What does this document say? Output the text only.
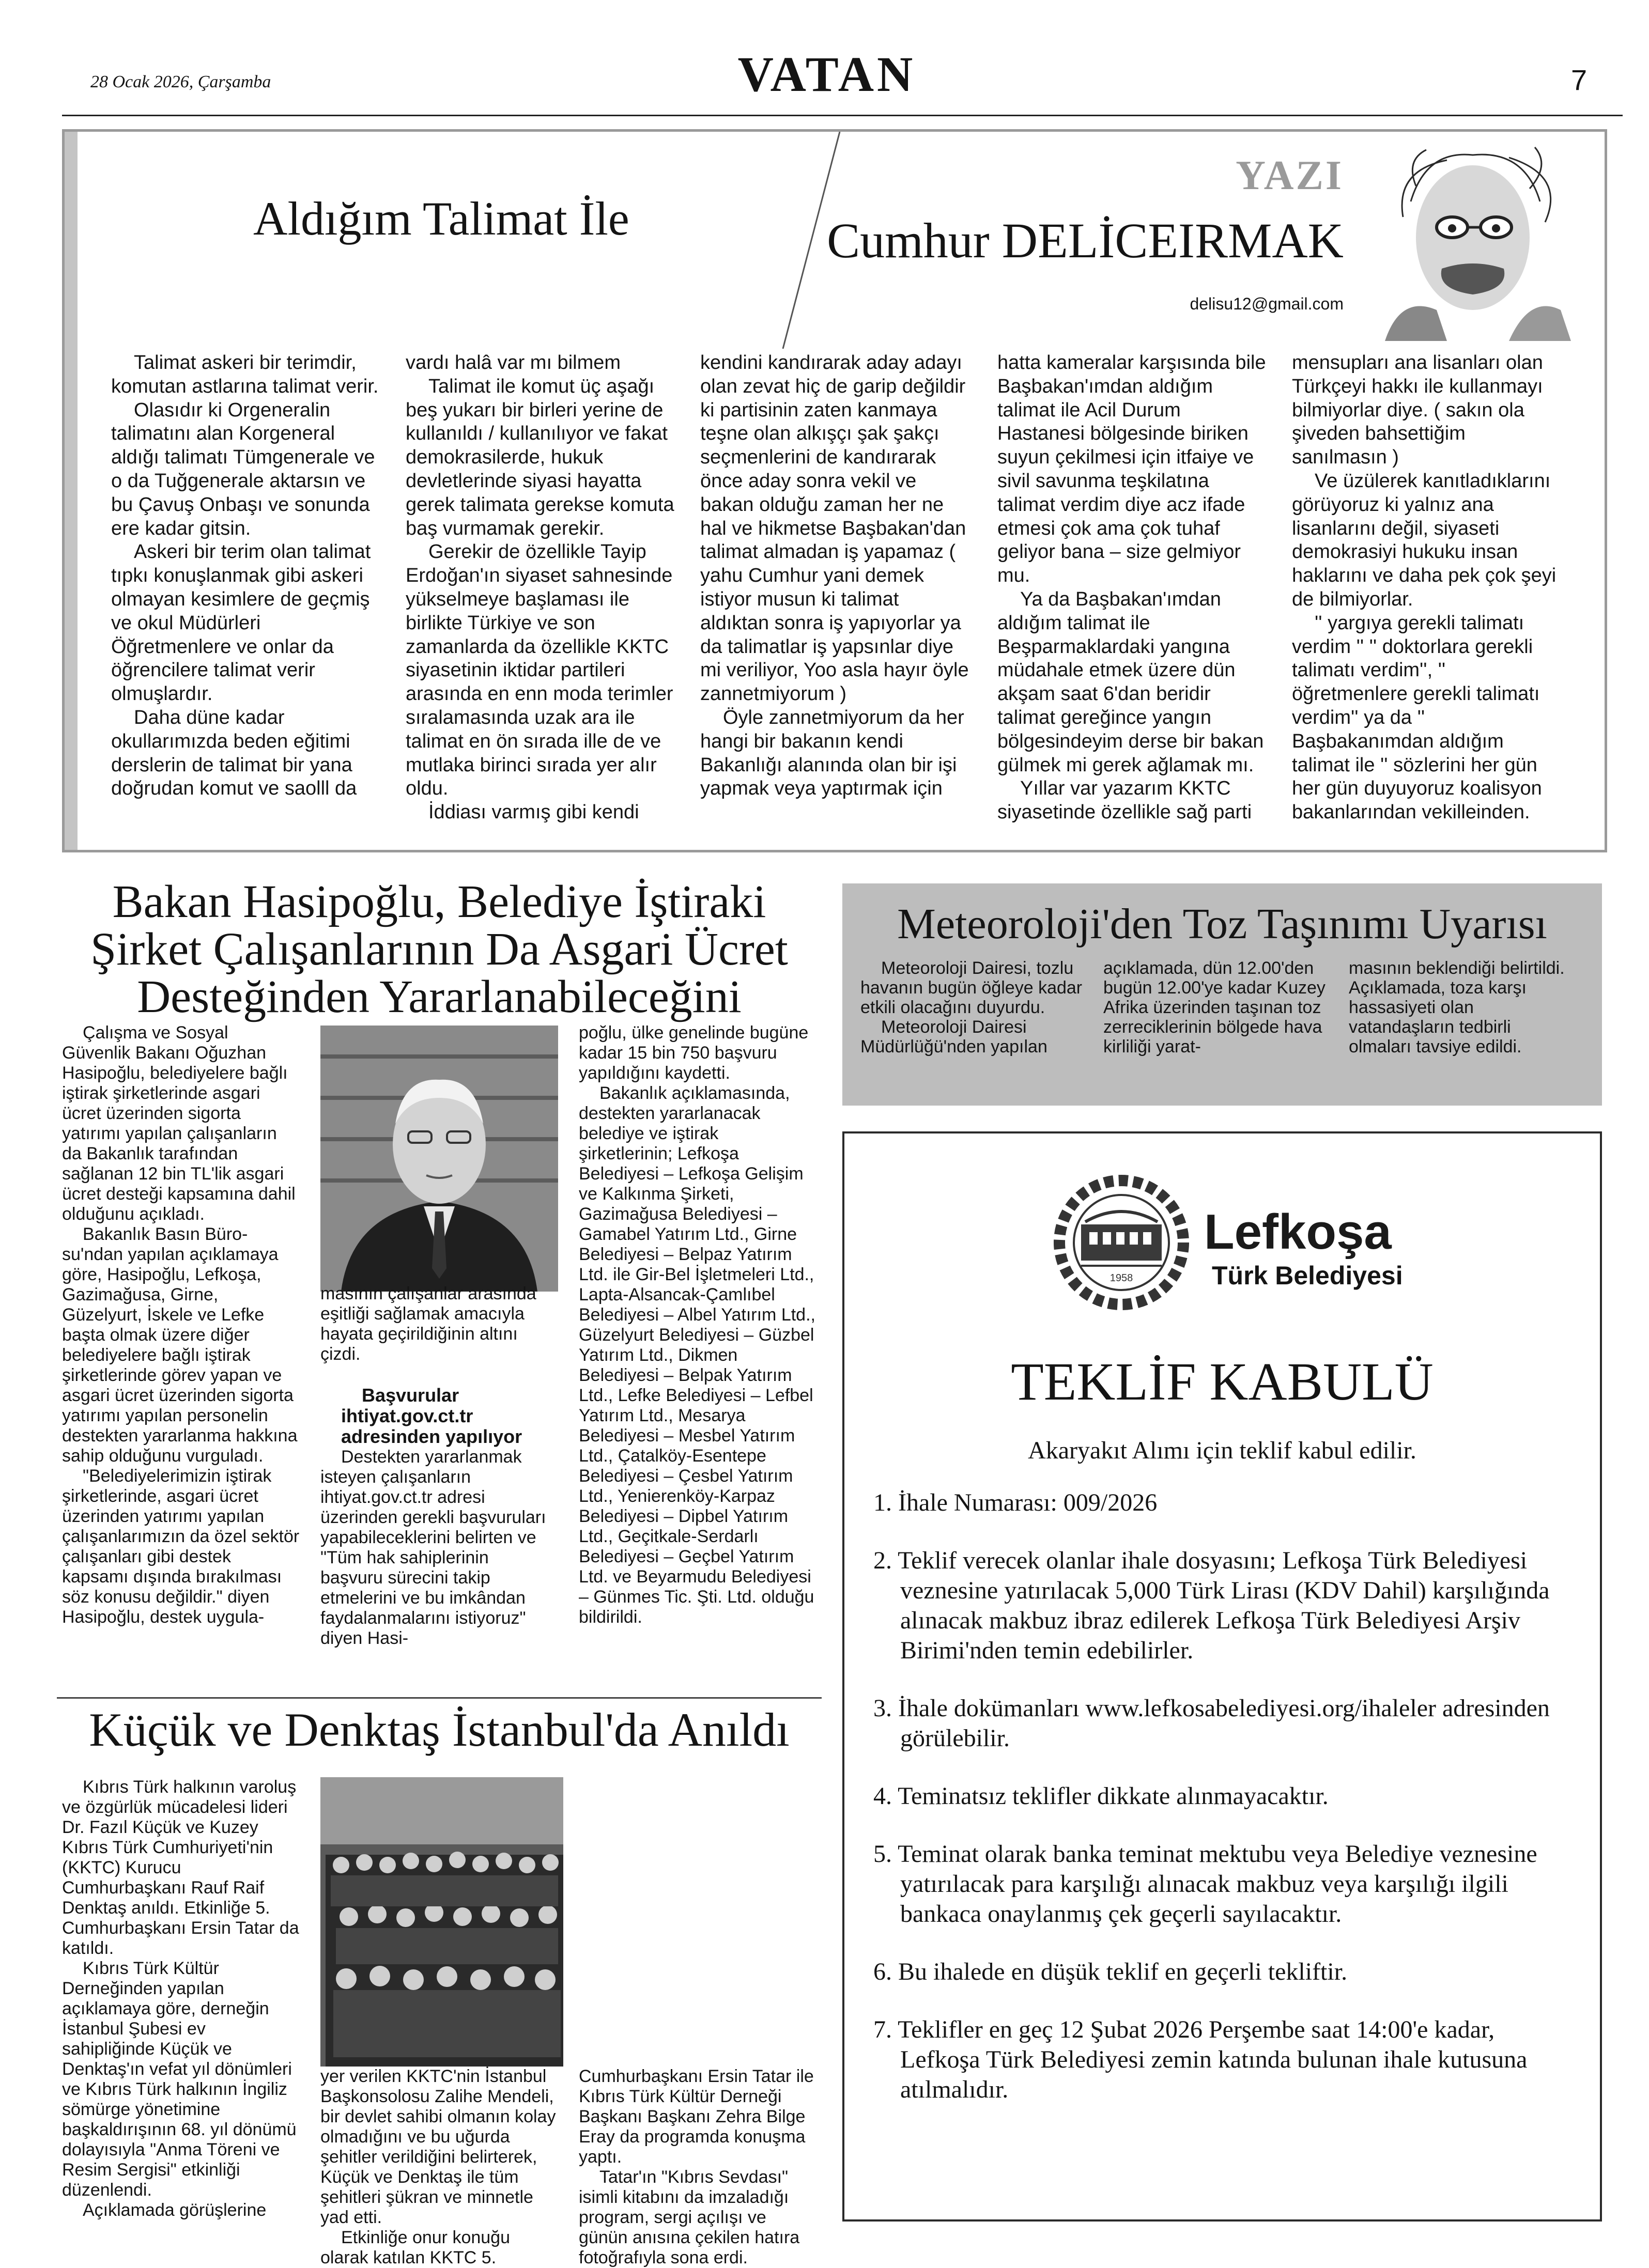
28 Ocak 2026, Çarşamba	VATAN	7
Aldığım Talimat İle
YAZI
Cumhur DELİCEIRMAK
delisu12@gmail.com

Talimat askeri bir terimdir, komutan astlarına talimat verir.

Olasıdır ki Orgeneralin talimatını alan Korgeneral aldığı talimatı Tümgenerale ve o da Tuğgenerale aktarsın ve bu Çavuş Onbaşı ve sonunda ere kadar gitsin.

Askeri bir terim olan talimat tıpkı konuşlanmak gibi askeri olmayan kesimlere de geçmiş ve okul Müdürleri Öğretmenlere ve onlar da öğrencilere talimat verir olmuşlardır.

Daha düne kadar okullarımızda beden eğitimi derslerin de talimat bir yana doğrudan komut ve saolll da

vardı halâ var mı bilmem

Talimat ile komut üç aşağı beş yukarı bir birleri yerine de kullanıldı / kullanılıyor ve fakat demokrasilerde, hukuk devletlerinde siyasi hayatta gerek talimata gerekse komuta baş vurmamak gerekir.

Gerekir de özellikle Tayip Erdoğan'ın siyaset sahnesinde yükselmeye başlaması ile birlikte Türkiye ve son zamanlarda da özellikle KKTC siyasetinin iktidar partileri arasında en enn moda terimler sıralamasında uzak ara ile talimat en ön sırada ille de ve mutlaka birinci sırada yer alır oldu.

İddiası varmış gibi kendi

kendini kandırarak aday adayı olan zevat hiç de garip değildir ki partisinin zaten kanmaya teşne olan alkışçı şak şakçı seçmenlerini de kandırarak önce aday sonra vekil ve bakan olduğu zaman her ne hal ve hikmetse Başbakan'dan talimat almadan iş yapamaz ( yahu Cumhur yani demek istiyor musun ki talimat aldıktan sonra iş yapıyorlar ya da talimatlar iş yapsınlar diye mi veriliyor, Yoo asla hayır öyle zannetmiyorum )

Öyle zannetmiyorum da her hangi bir bakanın kendi Bakanlığı alanında olan bir işi yapmak veya yaptırmak için

hatta kameralar karşısında bile Başbakan'ımdan aldığım talimat ile Acil Durum Hastanesi bölgesinde biriken suyun çekilmesi için itfaiye ve sivil savunma teşkilatına talimat verdim diye acz ifade etmesi çok ama çok tuhaf geliyor bana – size gelmiyor mu.

Ya da Başbakan'ımdan aldığım talimat ile Beşparmaklardaki yangına müdahale etmek üzere dün akşam saat 6'dan beridir talimat gereğince yangın bölgesindeyim derse bir bakan gülmek mi gerek ağlamak mı.

Yıllar var yazarım KKTC siyasetinde özellikle sağ parti

mensupları ana lisanları olan Türkçeyi hakkı ile kullanmayı bilmiyorlar diye. ( sakın ola şiveden bahsettiğim sanılmasın )

Ve üzülerek kanıtladıklarını görüyoruz ki yalnız ana lisanlarını değil, siyaseti demokrasiyi hukuku insan haklarını ve daha pek çok şeyi de bilmiyorlar.

'' yargıya gerekli talimatı verdim '' '' doktorlara gerekli talimatı verdim'', '' öğretmenlere gerekli talimatı verdim'' ya da '' Başbakanımdan aldığım talimat ile '' sözlerini her gün her gün duyuyoruz koalisyon bakanlarından vekilleinden.

Bakan Hasipoğlu, Belediye İştiraki Şirket Çalışanlarının Da Asgari Ücret Desteğinden Yararlanabileceğini

Çalışma ve Sosyal Güvenlik Bakanı Oğuzhan Hasipoğlu, belediyelere bağlı iştirak şirketlerinde asgari ücret üzerinden sigorta yatırımı yapılan çalışanların da Bakanlık tarafından sağlanan 12 bin TL'lik asgari ücret desteği kapsamına dahil olduğunu açıkladı.

Bakanlık Basın Büro-su'ndan yapılan açıklamaya göre, Hasipoğlu, Lefkoşa, Gazimağusa, Girne, Güzelyurt, İskele ve Lefke başta olmak üzere diğer belediyelere bağlı iştirak şirketlerinde görev yapan ve asgari ücret üzerinden sigorta yatırımı yapılan personelin destekten yararlanma hakkına sahip olduğunu vurguladı.

"Belediyelerimizin iştirak şirketlerinde, asgari ücret üzerinden yatırımı yapılan çalışanlarımızın da özel sektör çalışanları gibi destek kapsamı dışında bırakılması söz konusu değildir." diyen Hasipoğlu, destek uygula-

masının çalışanlar arasında eşitliği sağlamak amacıyla hayata geçirildiğinin altını çizdi.

Başvurular ihtiyat.gov.ct.tr adresinden yapılıyor

Destekten yararlanmak isteyen çalışanların ihtiyat.gov.ct.tr adresi üzerinden gerekli başvuruları yapabileceklerini belirten ve "Tüm hak sahiplerinin başvuru sürecini takip etmelerini ve bu imkândan faydalanmalarını istiyoruz" diyen Hasi-

poğlu, ülke genelinde bugüne kadar 15 bin 750 başvuru yapıldığını kaydetti.

Bakanlık açıklamasında, destekten yararlanacak belediye ve iştirak şirketlerinin; Lefkoşa Belediyesi – Lefkoşa Gelişim ve Kalkınma Şirketi, Gazimağusa Belediyesi – Gamabel Yatırım Ltd., Girne Belediyesi – Belpaz Yatırım Ltd. ile Gir-Bel İşletmeleri Ltd., Lapta-Alsancak-Çamlıbel Belediyesi – Albel Yatırım Ltd., Güzelyurt Belediyesi – Güzbel Yatırım Ltd., Dikmen Belediyesi – Belpak Yatırım Ltd., Lefke Belediyesi – Lefbel Yatırım Ltd., Mesarya Belediyesi – Mesbel Yatırım Ltd., Çatalköy-Esentepe Belediyesi – Çesbel Yatırım Ltd., Yenierenköy-Karpaz Belediyesi – Dipbel Yatırım Ltd., Geçitkale-Serdarlı Belediyesi – Geçbel Yatırım Ltd. ve Beyarmudu Belediyesi – Günmes Tic. Şti. Ltd. olduğu bildirildi.

Küçük ve Denktaş İstanbul'da Anıldı

Kıbrıs Türk halkının varoluş ve özgürlük mücadelesi lideri Dr. Fazıl Küçük ve Kuzey Kıbrıs Türk Cumhuriyeti'nin (KKTC) Kurucu Cumhurbaşkanı Rauf Raif Denktaş anıldı. Etkinliğe 5. Cumhurbaşkanı Ersin Tatar da katıldı.

Kıbrıs Türk Kültür Derneğinden yapılan açıklamaya göre, derneğin İstanbul Şubesi ev sahipliğinde Küçük ve Denktaş'ın vefat yıl dönümleri ve Kıbrıs Türk halkının İngiliz sömürge yönetimine başkaldırışının 68. yıl dönümü dolayısıyla "Anma Töreni ve Resim Sergisi" etkinliği düzenlendi.

Açıklamada görüşlerine

yer verilen KKTC'nin İstanbul Başkonsolosu Zalihe Mendeli, bir devlet sahibi olmanın kolay olmadığını ve bu uğurda şehitler verildiğini belirterek, Küçük ve Denktaş ile tüm şehitleri şükran ve minnetle yad etti.

Etkinliğe onur konuğu olarak katılan KKTC 5.

Cumhurbaşkanı Ersin Tatar ile Kıbrıs Türk Kültür Derneği Başkanı Başkanı Zehra Bilge Eray da programda konuşma yaptı.

Tatar'ın "Kıbrıs Sevdası" isimli kitabını da imzaladığı program, sergi açılışı ve günün anısına çekilen hatıra fotoğrafıyla sona erdi.

Meteoroloji'den Toz Taşınımı Uyarısı

Meteoroloji Dairesi, tozlu havanın bugün öğleye kadar etkili olacağını duyurdu.

Meteoroloji Dairesi Müdürlüğü'nden yapılan

açıklamada, dün 12.00'den bugün 12.00'ye kadar Kuzey Afrika üzerinden taşınan toz zerreciklerinin bölgede hava kirliliği yarat-

masının beklendiği belirtildi. Açıklamada, toza karşı hassasiyeti olan vatandaşların tedbirli olmaları tavsiye edildi.

1958
Lefkoşa
Türk Belediyesi
TEKLİF KABULÜ
Akaryakıt Alımı için teklif kabul edilir.

1. İhale Numarası: 009/2026

2. Teklif verecek olanlar ihale dosyasını; Lefkoşa Türk Belediyesi veznesine yatırılacak 5,000 Türk Lirası (KDV Dahil) karşılığında alınacak makbuz ibraz edilerek Lefkoşa Türk Belediyesi Arşiv Birimi'nden temin edebilirler.

3. İhale dokümanları www.lefkosabelediyesi.org/ihaleler adresinden görülebilir.

4. Teminatsız teklifler dikkate alınmayacaktır.

5. Teminat olarak banka teminat mektubu veya Belediye veznesine yatırılacak para karşılığı alınacak makbuz veya karşılığı ilgili bankaca onaylanmış çek geçerli sayılacaktır.

6. Bu ihalede en düşük teklif en geçerli tekliftir.

7. Teklifler en geç 12 Şubat 2026 Perşembe saat 14:00'e kadar, Lefkoşa Türk Belediyesi zemin katında bulunan ihale kutusuna atılmalıdır.
